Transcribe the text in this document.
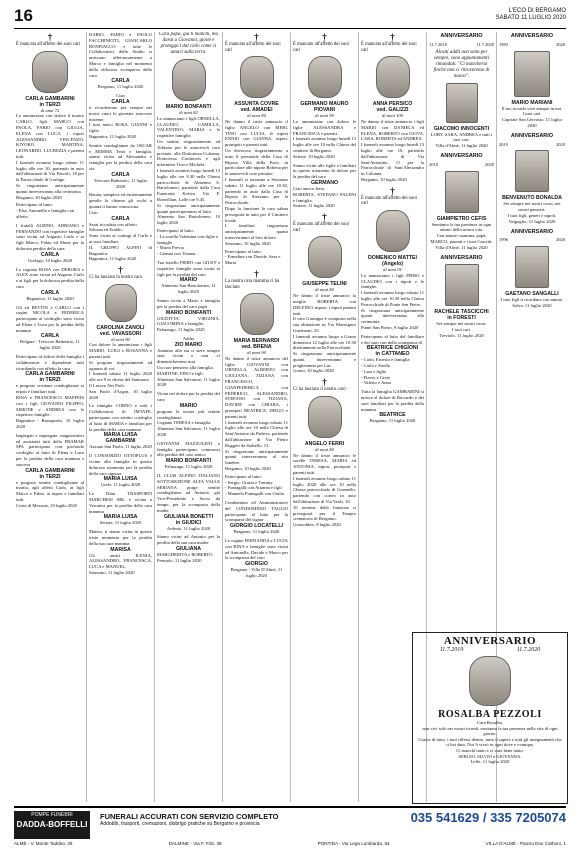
16	L'ECO DI BERGAMO
SABATO 11 LUGLIO 2020
†
È mancata all'affetto dei suoi cari
CARLA GAMBARINI
in TERZI
di anni 72
Lo annunciano con dolore il marito CARLO, figli MARCO con PAOLA, FABIO con GIULIA, ELENA con LUCA, i nipoti ALESSANDRO, VINCENZO, KIYOKO, MARTINA, LEONARDO, LUCREZIA e parenti tutti.
I funerali avranno luogo sabato 11 luglio alle ore 10, partendo in auto dall'abitazione di Via Pascoli, 18 per la Parrocchiale di Gorlago.
Si ringraziano anticipatamente quanti interverranno alla cerimonia.
Bergamo, 10 luglio 2020
Partecipano al lutto:
- Elsa, Antonella e famiglia con affetto
I fratelli ALBINO, ADRIANO e FERNANDO con rispettive famiglie sono vicini ad Augusto Carlo e ai figli Marco, Fabio ed Elena per la dolorosa perdita della cara
CARLA
Gorlago, 10 luglio 2020
La cognata ROSA con DEBORA e ALEX sono vicini ad Augusto Carlo e ai figli per la dolorosa perdita della cara
CARLA
Bagnatica, 11 luglio 2020
Gli zii RETTIN e CARLO con i cugini NICOLA e FEDERICA partecipano al cordoglio sono vicini ad Elena e Luca per la perdita della mamma
CARLA
Bolgare - Trescore Balneario, 11 luglio 2020
Partecipano al dolore della famiglia i collaboratori e dipendenti tutti ricordando con affetto la cara
CARLA GAMBARINI
in TERZI
e porgono cristiane condoglianze ai nipoti e familiari tutti.
RINA e FRANCESCO MAFFEIS con i figli GIOVANNI FILIPPO, SIMONE e ANDREA con le rispettive famiglie.
Bagnatica - Brusaporto, 10 luglio 2020
Impiegati e impiegate, magazzinieri ed assistenti tutti della FRAMAR SPA partecipano con profondo cordoglio al lutto di Elena e Luca per la perdita della cara mamma e suocera
CARLA GAMBARINI
in TERZI
e porgono sentite condoglianze al marito, agli affetti Carlo, ai figli Marco e Fabio, ai nipoti e familiari tutti.
Costa di Mezzate, 10 luglio 2020
DARIO, FABIO e PAOLO FACCHINETTI, GIANCARLO BONFIACCO e tutte le Collaboratrici dello Studio si uniscono affettuosamente a Marco e famiglia nel momento della dolorosa scomparsa della cara
CARLA
Bergamo, 11 luglio 2020
Ciao
CARLA
ti ricorderemo per sempre nei nostri cuori le giornate trascorse insieme.
I tuoi amici ROSA, GIANNI e figlie.
Bagnatica, 11 luglio 2020
Sentite condoglianze da OSCAR e MIMMA Terzi e famiglia, siamo vicini ad Alessandro e famiglia per la perdita della cara zia
CARLA
Trescore Balneario, 11 luglio 2020
Buona, semplice ed estremamente gentile la chiamo gli occhi a quanta ti hanno conosciuta.
Ciao
CARLA
Sarai ricordata con affetto.
Silvana ed Eraldo.
Sono vicini ai coniugi al Carlo e ai suoi familiari.
IL GRUPPO ALPINI di Bagnatica
Bagnatica, 11 luglio 2020
†
Ci ha lasciato la nostra cara
CAROLINA ZANOLI
ved. VAVASSORI
di anni 90
Con dolore lo annunciano i figli MARIO, LUIGI e ROSANNA e parenti tutti.
Si porgono ringraziamenti ad ognuno di voi.
I funerali sabato 11 luglio 2020 alle ore 9 in chiesa del Santuario.
Il Lavoro Nei Pioli.
San Paolo d'Argon, 10 luglio 2020
La famiglia CORNO e tutti i Collaboratori di IMTAFE, partecipano con sentito cordoglio al lutto di MARIA e familiari per la perdita della cara mamma
MARIA LUISA GAMBARINI
Azzano San Paolo, 11 luglio 2020
Il CONSORZIO OTTOPLUS è vicino alla famiglia in questo doloroso momento per la perdita della cara signora
MARIA LUISA
Gorle, 11 luglio 2020
La Ditta TRASPORTI MARCHESI SRL è vicina a Veronica per la perdita della cara mamma
MARIA LUISA
Seriate, 11 luglio 2020
Mattea, ti siamo vicini in questo triste momento per la perdita della tua cara mamma
MARISA
Gli amici ILENIA, ALESSANDRO, FRANCESCA, LUCA e MANUEL.
Stezzano, 11 luglio 2020
Cara papà, già ti manchi, ma darai a Giovanni, gioite e proteggici dal cielo come ci amavi sulla terra.
MARIO BONFANTI
di anni 82
Lo annunciano i figli ORNELLA, CLAUDIO, CAMILLA, VALENTINO, MARIA e le rispettive famiglie.
Un sentito ringraziamento ad Adriano per le amorevoli cure prestate, alla Dottoressa Colonna, Dottoressa Cortinovis e agli infermieri Tino e Michela.
I funerali avranno luogo lunedì 13 luglio alle ore 9.30 nella Chiesa parrocchiale di Almenno S. Bartolomeo, partendo dalla Casa Funeraria Kelvin Via F. Bonvillian, Lalle ore 9.45.
Si ringraziano anticipatamente quanti parteciperanno al lutto.
Almenno San Bartolomeo, 10 luglio 2020
Partecipano al lutto:
- La sorella Valentina con figlie e famiglie
- Mario Previa
- Gianna con Tiziana
Tua fratello PIERO con GIUSY e rispettive famiglie sono vicini ai figli per la perdita del caro
MARIO
Almenno San Bartolomeo, 11 luglio 2020
Siamo vicini a Mario e famiglia per la perdita del caro papà
MARIO BONFANTI
GIUDITTA, VIRGINIA, GIACOMINA e famiglie.
Palazzago, 11 luglio 2020
Addio
ZIO MARIO
Amiamo alla zia ci siete sempre stati vicini e non vi dimenticheremo mai.
Un caro pensiero alla famiglia.
MARTINE, PINO e figli.
Almenno San Salvatore, 11 luglio 2020
Vicini nel dolore per la perdita del caro
MARIO
porgono le nostre più sentite condoglianze.
Cognata TERESA e famiglia.
Almenno San Salvatore, 11 luglio 2020
GIOVANNI MAZZOLENI e famiglia partecipano commossi alla perdita del caro amico
MARIO BONFANTI
Palazzago, 11 luglio 2020
IL CLUB ALPINO ITALIANO SOTTOSEZIONE ALTA VALLE SERIANA porge sentite condoglianze ad Antonio, già Vice-Presidente e Socio da tempo, per la scomparsa della madre
GIULIANA BONETTI
in GIUDICI
Ardesio, 11 luglio 2020
Siamo vicini ad Antonio per la perdita della sua cara madre
GIULIANA
MARGHERITA e ROBERTO.
Premolo, 11 luglio 2020
†
È mancata all'affetto dei suoi cari
ASSUNTA COVRE
ved. AMADEI
di anni 84
Ne danno il triste annuncio il figlio ANGELO con MERI, TINO con LUCIA, le nipoti ENNIO con GIANNA, nipoti, pronipoti e parenti tutti.
Un doveroso ringraziamento a tutto il personale della Casa di Riposo Villa della Pace, in particolare alle nipote Roberta per le amorevoli cure prestate.
I funerali si terranno a Stezzano sabato 11 luglio alle ore 10.30, partendo in auto dalla Casa di Riposo di Stezzano per la Parrocchiale.
Dopo la funzione la cara salma proseguirà in auto per il Cimitero locale.
I familiari ringraziano anticipatamente quanti interverranno al loro dolore.
Stezzano, 10 luglio 2020
Partecipano al lutto:
- Ermelina con Davide, Sara e Marta
†
La nostra cara mamma ci ha lasciato
MARIA BERNARDI
ved. BRENA
di anni 94
Ne danno il triste annuncio del figlio GIOVANNI con ORNELLA, ALBERTO con GIULIANA, TIZIANA con FRANCESCO, GIANFEDERICA con FEDERICO, ALESSANDRO, STEFANO con TIZIANA, DAVIDE con CHIARA, i pronipoti BEATRICE, DIEGO e parenti tutti.
I funerali avranno luogo sabato 11 luglio alle ore 10 nella Chiesa di Sant'Antonio da Padova, partendo dall'abitazione di Via Pietro Ruggeri da Stabello, 13.
Si ringraziano anticipatamente quanti interverranno al rito funebre.
Bergamo, 10 luglio 2020
Partecipano al lutto:
- Sergio, Grazia e Tommy
- Fumagalli con Arianna e figli
- Manuela Fumagalli con Giulia
Condominio ed Amministratore del CONDOMINIO TAGLIO partecipano al lutto per la scomparsa del signor
GIORGIO LOCATELLI
Bergamo, 11 luglio 2020
Le cugine FERNANDA e LUCIA con RINA e famiglie sono vicini ad Antonella, Davide e Marco per la scomparsa del caro
GIORGIO
Bergamo - Villa D'Almè, 11 luglio 2020
†
È mancato all'affetto dei suoi cari
GERMANO MAURO
PIOVANI
di anni 59
Lo annunciano con dolore le figlie ALESSANDRA e FRANCESCA e parenti.
I funerali avranno luogo lunedì 13 luglio alle ore 10 nella Chiesa del cimitero di Bergamo.
Seriate, 10 luglio 2020
Siamo vicini alle figlie e familiari in questo momento di dolore per la perdita del caro
GERMANO
Ciao amico Jerry.
ROBERTA, STEFANO PALENI e famiglia.
Seriate, 11 luglio 2020
†
È mancato all'affetto dei suoi cari
GIUSEPPE TELINI
di anni 84
Ne danno il triste annuncio la moglie ROBERTA con DELFINO, nipote, i nipoti parenti tutti.
Il caro Giuseppe è composto nella sua abitazione in Via Monsignor Guerinoni, 25.
I funerali avranno luogo a Gorno domenica 12 luglio alle ore 10.30 direttamente nella Parrocchiale.
Si ringraziano anticipatamente quanti interverranno e pregheranno per Lui.
Gorno, 10 luglio 2020
†
Ci ha lasciato il nostro caro
ANGELO FERRI
di anni 84
Ne danno il triste annuncio le sorelle TERESA, MARIA ed ANTONIA, nipoti, pronipoti e parenti tutti.
I funerali avranno luogo sabato 11 luglio 2020 alle ore 10 nella Chiesa parrocchiale di Grumello, partendo con corteo in auto dall'abitazione di Via Verdi, 10.
Al termine della funzione si proseguirà per il Tempio crematorio di Bergamo.
Grassobbio, 8 luglio 2020
†
È mancata all'affetto dei suoi cari
ANNA PERSICO
ved. GALIZZI
di anni 100
Ne danno il triste annuncio i figli MARIO con DANIELA ed ELENA, ROBERTO con OLIVA, LARA, ROBERTA ed ANDREA.
I funerali avranno luogo lunedì 13 luglio alle ore 10, partendo dall'abitazione di Via Sant'Antonino, 11 per la Parrocchiale di Sant'Alessandro in Colonna.
Bergamo, 10 luglio 2020
†
È mancato all'affetto dei suoi cari
DOMENICO MATTEI
(Angelo)
di anni 91
Lo annunciano i figli PIERO e CLAUDIO con i nipoti e le famiglie.
I funerali avranno luogo sabato 11 luglio alle ore 10.30 nella Chiesa Parrocchiale di Ponte San Pietro.
Si ringraziano anticipatamente quanti interverranno alla cerimonia.
Ponte San Pietro, 9 luglio 2020
Partecipano al lutto del familiare e dei suoi cari della scomparsa di
BEATRICE CHIGIONI
in CATTANEO
- Carla, Ernesto e famiglia
- Carla e Sirello
- Lara e figlie
- Flavio e Grete
- Valerio e Anna
Tutta la famiglia GAMBARINI si unisce al dolore di Riccardo e dei suoi familiari per la perdita della mamma
BEATRICE
Bergamo, 11 luglio 2020
ANNIVERSARIO
11.7.2018	11.7.2020
Alcuni addii non sono per sempre, sono appuntamenti rimandati. "Ci mancherai finché non ci ritroveremo di nuovo".
GIACOMO INNOCENTI
LORY, SARA, ANDREA e tutti i tuoi cari.
Villa d'Almè, 11 luglio 2020
ANNIVERSARIO
2010	2020
GIAMPIETRO CEFIS
Sentiamo la tua presenza in ogni attimo della nostra vita.
Con amore: mamma, papà, MARCO, parenti e i tuoi Cascitti.
Villa d'Almè, 11 luglio 2020
ANNIVERSARIO
RACHELE TASCICCHI
in FORESTI
Sei sempre nei nostri cuori.
I tuoi cari.
Treviolo, 11 luglio 2020
ANNIVERSARIO
1983	2020
MARIO MARIANI
Il tuo ricordo vive sempre in noi.
I tuoi cari.
Capriate San Gervasio, 11 luglio 2020
ANNIVERSARIO
2019	2020
BENVENUTO BONALDA
Sei sempre nei nostri cuori, nei nostri pensieri.
I tuoi figli, generi e nipoti.
Valgoglio, 11 luglio 2020
ANNIVERSARIO
1996	2020
GAETANO SANGALLI
I tuoi figli ti ricordano con amore.
Solza, 11 luglio 2020
ANNIVERSARIO
11.7.2019	11.7.2020
ROSALBA PEZZOLI
Cara Rosalba,
non vivi solo nei nostri ricordi, sentiamo la tua presenza nella vita di ogni giorno.
Grazie di tutto, i tuoi riflessi dentro, tutto il sapere e tutti gli insegnamenti che ci hai dato, Noi li vivrò in ogni dove e ovunque.
Ci manchi tanto e ci vuoi bene tanto.
SERGIO, SILVIO e GIOVANNA.
Leffe, 11 luglio 2020
POMPE FUNEBRI
DADDA-BOFFELLI
FUNERALI ACCURATI CON SERVIZIO COMPLETO
Addobbi, trasporti, cremazioni, disbrigo pratiche su Bergamo e provincia	035 541629 / 335 7205074
ALMÈ - V. Monte Taddeo, 28	DALMINE - Via F. Filzi, 39	PONTIDA - Via Lega Lombarda, 64	VILLA D'ALMÈ - Piazza Don Carboni, 1
